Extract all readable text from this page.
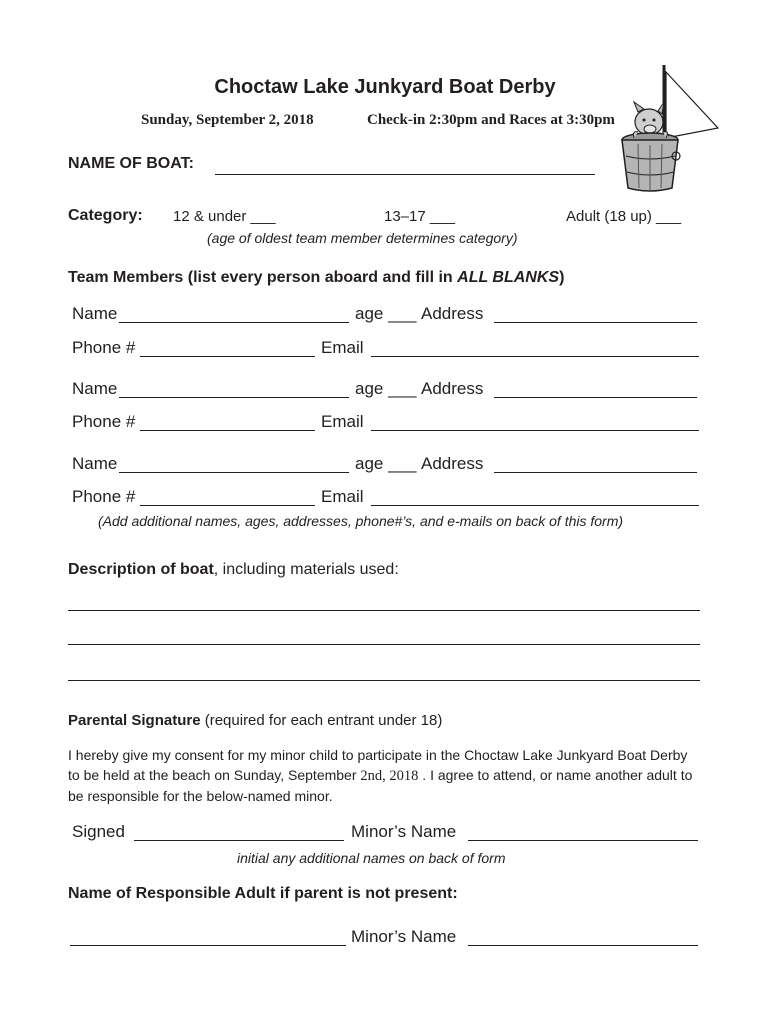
Choctaw Lake Junkyard Boat Derby
Sunday, September 2, 2018	Check-in 2:30pm and Races at 3:30pm
NAME OF BOAT:
Category: 12 & under ___	13–17 ___	Adult (18 up) ___
(age of oldest team member determines category)
Team Members (list every person aboard and fill in ALL BLANKS)
Name	age ___ Address
Phone #	Email
Name	age ___ Address
Phone #	Email
Name	age ___ Address
Phone #	Email
(Add additional names, ages, addresses, phone#’s, and e-mails on back of this form)
Description of boat, including materials used:
Parental Signature (required for each entrant under 18)
I hereby give my consent for my minor child to participate in the Choctaw Lake Junkyard Boat Derby to be held at the beach on Sunday, September 2nd, 2018 . I agree to attend, or name another adult to be responsible for the below-named minor.
Signed	Minor’s Name
initial any additional names on back of form
Name of Responsible Adult if parent is not present:
Minor’s Name
